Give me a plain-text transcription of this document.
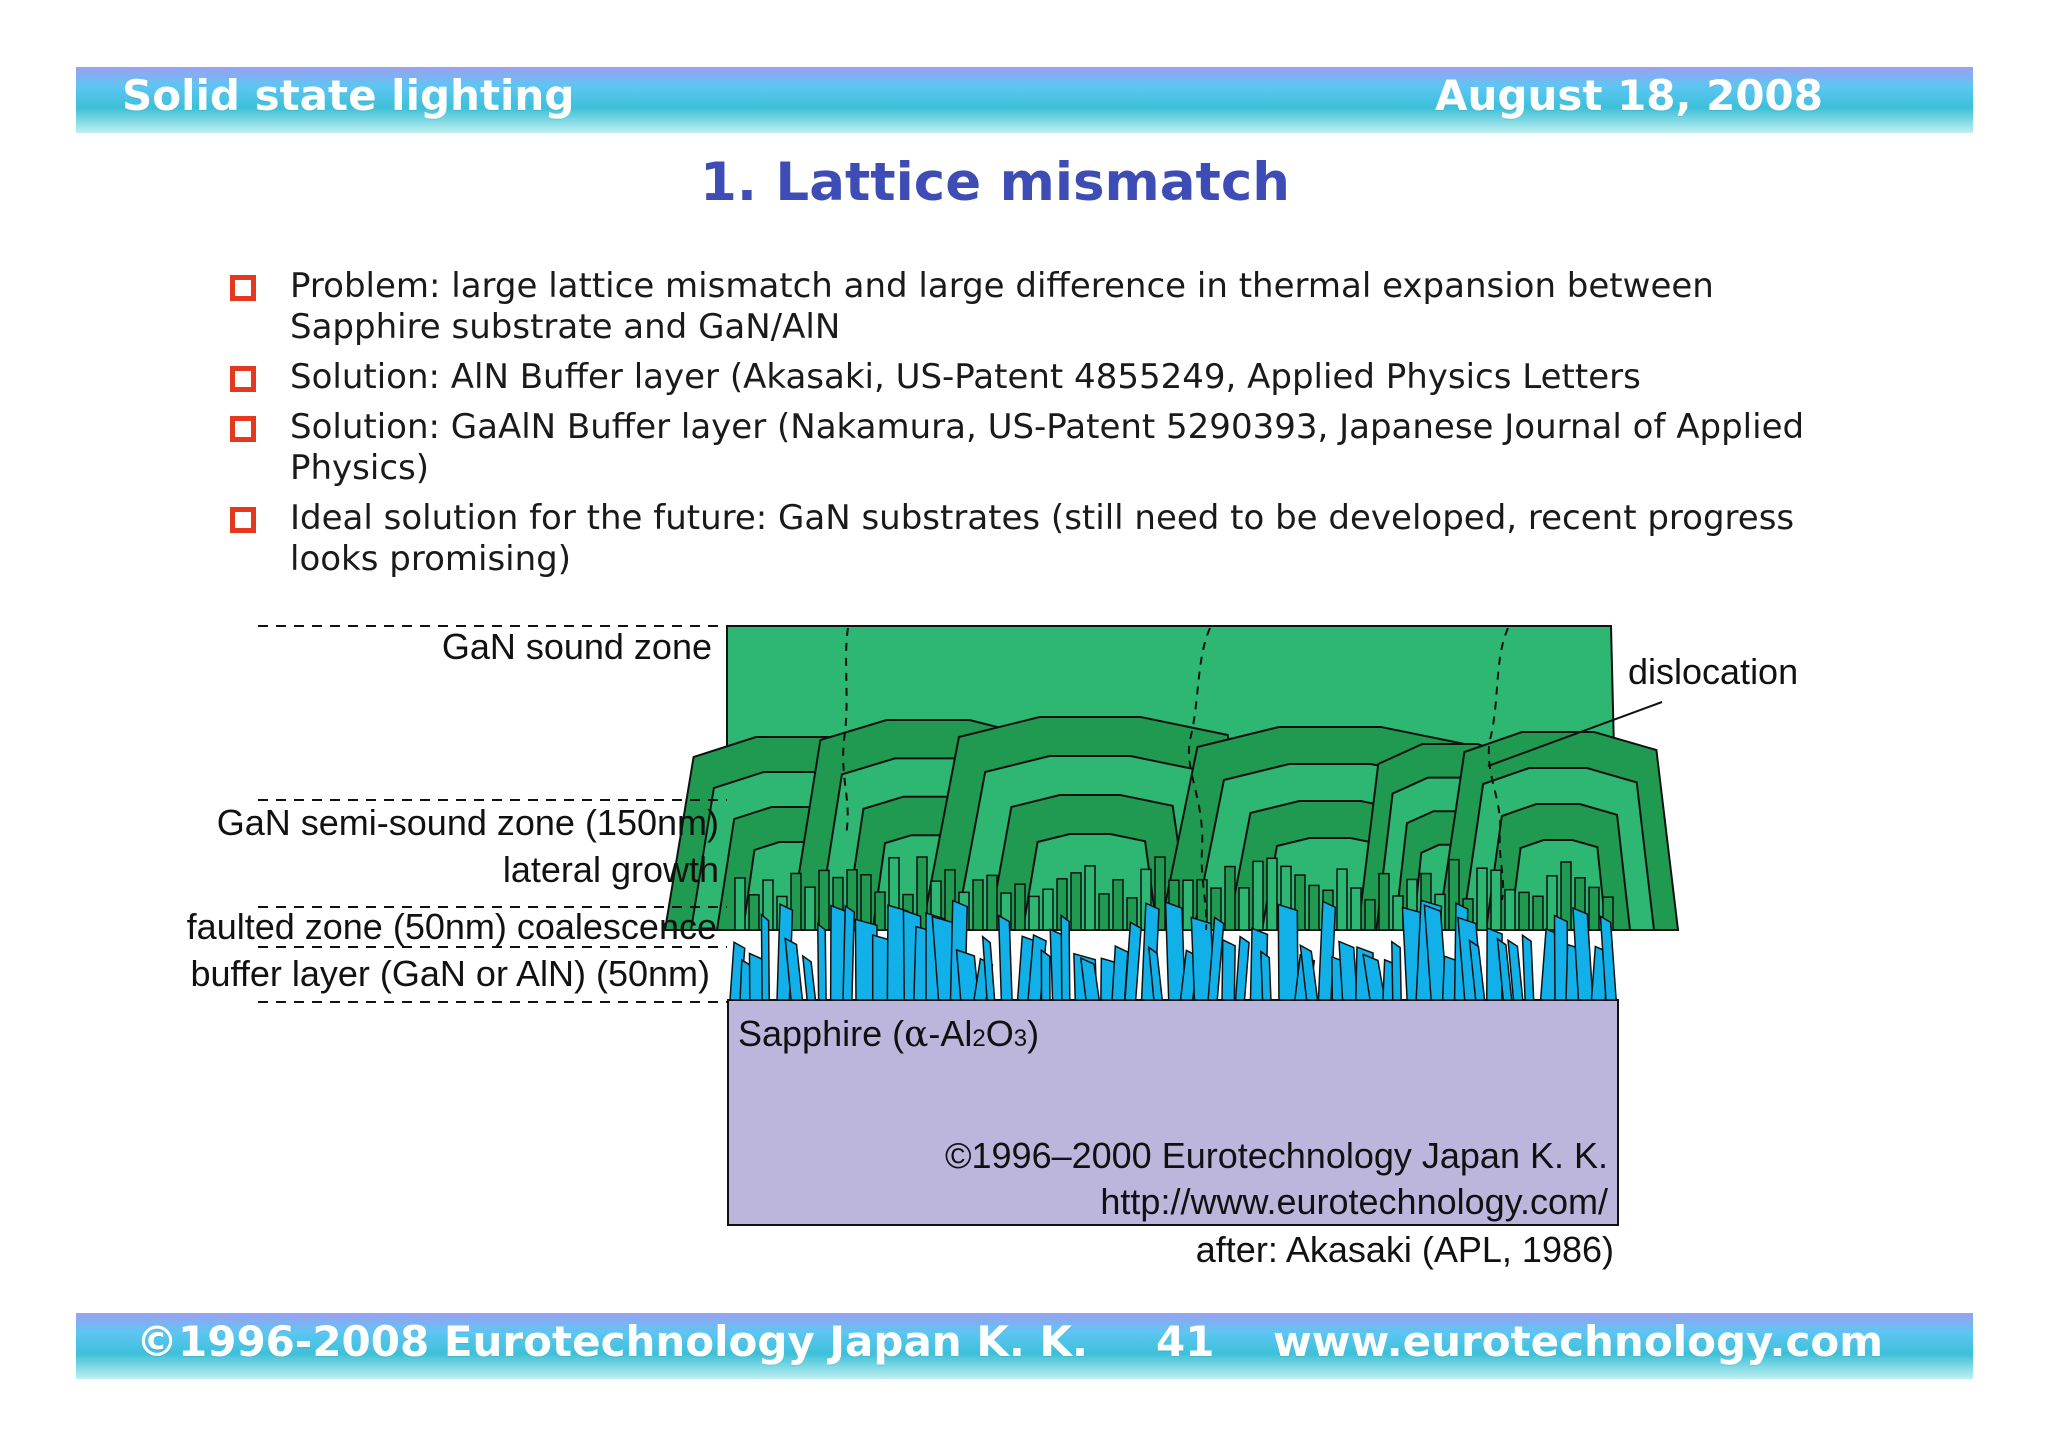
Solid state lighting	August 18, 2008
1. Lattice mismatch
Problem: large lattice mismatch and large difference in thermal expansion between Sapphire substrate and GaN/AlN
Solution: AlN Buffer layer (Akasaki, US-Patent 4855249, Applied Physics Letters
Solution: GaAlN Buffer layer (Nakamura, US-Patent 5290393, Japanese Journal of Applied Physics)
Ideal solution for the future: GaN substrates (still need to be developed, recent progress looks promising)
GaN sound zone
GaN semi-sound zone (150nm)
lateral growth
faulted zone (50nm) coalescence
buffer layer (GaN or AlN) (50nm)
dislocation
Sapphire (α-Al2O3)
©1996–2000 Eurotechnology Japan K. K.
http://www.eurotechnology.com/
after: Akasaki (APL, 1986)
©1996-2008 Eurotechnology Japan K. K. 41 www.eurotechnology.com
